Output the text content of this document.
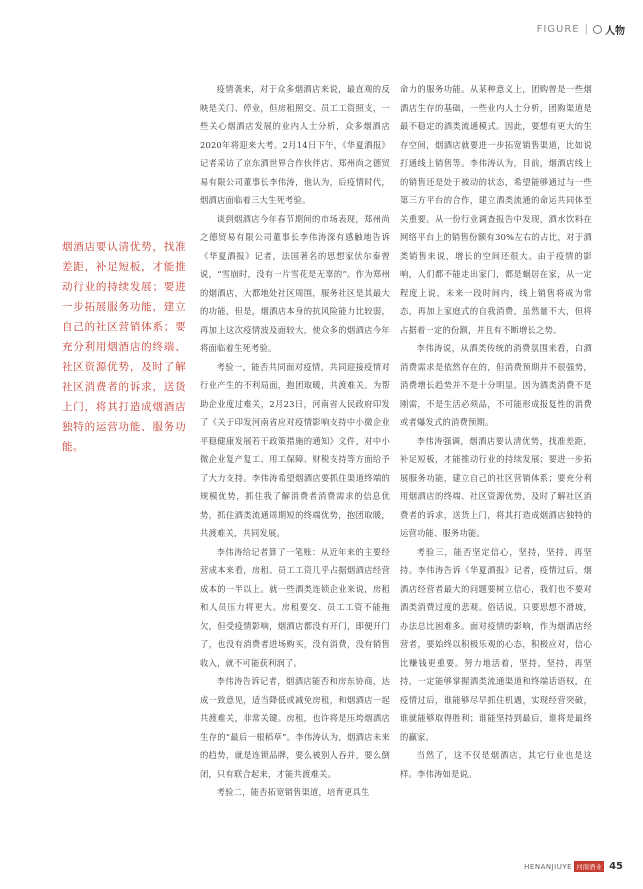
FIGURE | 人物
烟酒店要认清优势，找准差距，补足短板，才能推动行业的持续发展；要进一步拓展服务功能，建立自己的社区营销体系；要充分利用烟酒店的终端、社区资源优势，及时了解社区消费者的诉求，送货上门，将其打造成烟酒店独特的运营功能、服务功能。

疫情袭来，对于众多烟酒店来说，最直观的反映是关门、停业，但房租照交、员工工资照支，一些关心烟酒店发展的业内人士分析，众多烟酒店2020年将迎来大考。2月14日下午，《华夏酒报》记者采访了京东酒世界合作伙伴店、郑州尚之德贸易有限公司董事长李伟涛，他认为，后疫情时代，烟酒店面临着三大生死考验。

谈到烟酒店今年春节期间的市场表现，郑州尚之德贸易有限公司董事长李伟涛深有感触地告诉《华夏酒报》记者，法国著名的思想家伏尔泰曾说，“雪崩时，没有一片雪花是无辜的”。作为郑州的烟酒店，大都地处社区周围，服务社区是其最大的功能，但是，烟酒店本身的抗风险能力比较弱，再加上这次疫情波及面较大，使众多的烟酒店今年将面临着生死考验。

考验一，能否共同面对疫情，共同迎接疫情对行业产生的不利局面，抱团取暖，共渡难关。为帮助企业度过难关，2月23日，河南省人民政府印发了《关于印发河南省应对疫情影响支持中小微企业平稳健康发展若干政策措施的通知》文件，对中小微企业复产复工、用工保障、财税支持等方面给予了大力支持。李伟涛希望烟酒店要抓住渠道终端的规模优势，抓住我了解消费者消费需求的信息优势，抓住酒类流通周期短的终端优势，抱团取暖，共渡难关，共同发展。

李伟涛给记者算了一笔账：从近年来的主要经营成本来看，房租、员工工资几乎占据烟酒店经营成本的一半以上。就一些酒类连锁企业来说，房租和人员压力将更大。房租要交、员工工资不能拖欠，但受疫情影响，烟酒店都没有开门，即便开门了，也没有消费者进场购买，没有消费，没有销售收入，就不可能获利润了。

李伟涛告诉记者，烟酒店能否和房东协商，达成一致意见，适当降低或减免房租，和烟酒店一起共渡难关，非常关键。房租，也许将是压垮烟酒店生存的“最后一根稻草”。李伟涛认为，烟酒店未来的趋势，就是连锁品牌，要么被别人吞并，要么倒闭，只有联合起来，才能共渡难关。

考验二，能否拓宽销售渠道，培育更具生

命力的服务功能。从某种意义上，团购曾是一些烟酒店生存的基础，一些业内人士分析，团购渠道是最不稳定的酒类流通模式。因此，要想有更大的生存空间，烟酒店就要进一步拓宽销售渠道，比如说打通线上销售等。李伟涛认为，目前，烟酒店线上的销售还是处于被动的状态，希望能够通过与一些第三方平台的合作，建立酒类流通的命运共同体至关重要。从一份行业调查报告中发现，酒水饮料在网络平台上的销售份额有30%左右的占比，对于酒类销售来说，增长的空间还很大。由于疫情的影响，人们都不能走出家门，都是蜗居在家，从一定程度上说，未来一段时间内，线上销售将成为常态，再加上家庭式的自我消费，虽然量不大，但将占据着一定的份额，并且有不断增长之势。

李伟涛说，从酒类传统的消费氛围来看，白酒消费需求是依然存在的，但消费预期并不很强势，消费增长趋势并不是十分明显。因为酒类消费不是刚需，不是生活必须品，不可能形成报复性的消费或者爆发式的消费预期。

李伟涛强调，烟酒店要认清优势，找准差距，补足短板，才能推动行业的持续发展；要进一步拓展服务功能，建立自己的社区营销体系；要充分利用烟酒店的终端、社区资源优势，及时了解社区消费者的诉求，送货上门，将其打造成烟酒店独特的运营功能、服务功能。

考验三，能否坚定信心，坚持，坚持，再坚持。李伟涛告诉《华夏酒报》记者，疫情过后，烟酒店经营者最大的问题要树立信心，我们也不要对酒类消费过度的悲观。俗话说，只要思想不滑坡，办法总比困难多。面对疫情的影响，作为烟酒店经营者，要始终以积极乐观的心态，积极应对，信心比赚钱更重要。努力地活着，坚持，坚持，再坚持，一定能够掌握酒类流通渠道和终端话语权，在疫情过后，谁能够尽早抓住机遇，实现经营突破，谁就能够取得胜利；谁能坚持到最后，谁将是最终的赢家。

当然了，这不仅是烟酒店，其它行业也是这样。李伟涛如是说。

HENANJIUYE 河南酒业 45
